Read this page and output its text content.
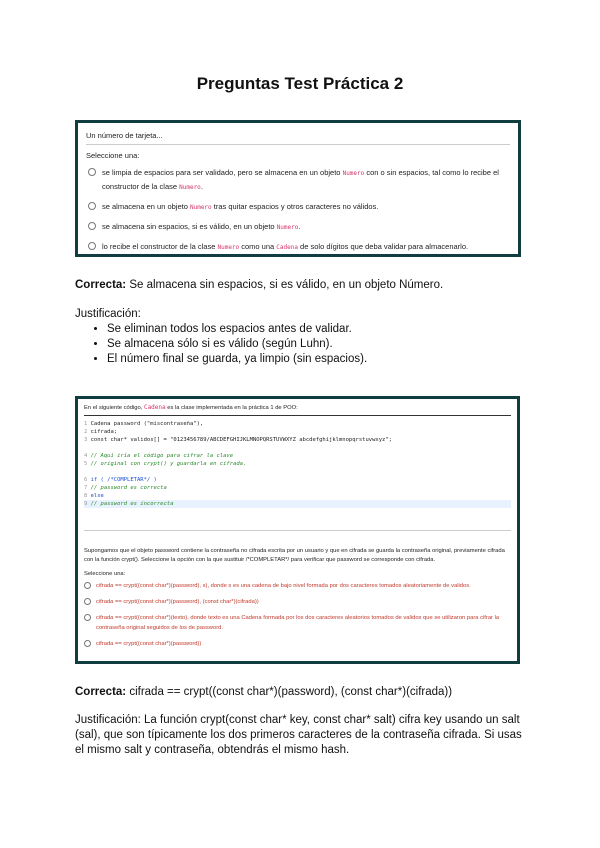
Preguntas Test Práctica 2
Un número de tarjeta...
Seleccione una:
se limpia de espacios para ser validado, pero se almacena en un objeto Numero con o sin espacios, tal como lo recibe el constructor de la clase Numero.
se almacena en un objeto Numero tras quitar espacios y otros caracteres no válidos.
se almacena sin espacios, si es válido, en un objeto Numero.
lo recibe el constructor de la clase Numero como una Cadena de solo dígitos que deba validar para almacenarlo.
Correcta: Se almacena sin espacios, si es válido, en un objeto Número.
Justificación:
• Se eliminan todos los espacios antes de validar.
• Se almacena sólo si es válido (según Luhn).
• El número final se guarda, ya limpio (sin espacios).
En el siguiente código, Cadena es la clase implementada en la práctica 1 de POO:
1 Cadena password ("miscontraseña"),
2 cifrada;
3 const char* validos[] = "0123456789/ABCDEFGHIJKLMNOPQRSTUVWXYZ abcdefghijklmnopqrstuvwxyz";

4 // Aquí iría el código para cifrar la clave
5 // original con crypt() y guardarla en cifrada.

6 if ( /*COMPLETAR*/ )
7 // password es correcta
8 else
9 // password es incorrecta
Supongamos que el objeto password contiene la contraseña no cifrada escrita por un usuario y que en cifrada se guarda la contraseña original, previamente cifrada
con la función crypt(). Seleccione la opción con la que sustituir /*COMPLETAR*/ para verificar que password se corresponde con cifrada.
Seleccione una:
cifrada == crypt((const char*)(password), s), donde s es una cadena de bajo nivel formada por dos caracteres tomados aleatoriamente de validos.
cifrada == crypt((const char*)(password), (const char*)(cifrada))
cifrada == crypt((const char*)(texto), donde texto es una Cadena formada por los dos caracteres aleatorios tomados de validos que se utilizaron para cifrar la contraseña original seguidos de los de password.
cifrada == crypt((const char*)(password))
Correcta: cifrada == crypt((const char*)(password), (const char*)(cifrada))
Justificación: La función crypt(const char* key, const char* salt) cifra key usando un salt (sal), que son típicamente los dos primeros caracteres de la contraseña cifrada. Si usas el mismo salt y contraseña, obtendrás el mismo hash.
